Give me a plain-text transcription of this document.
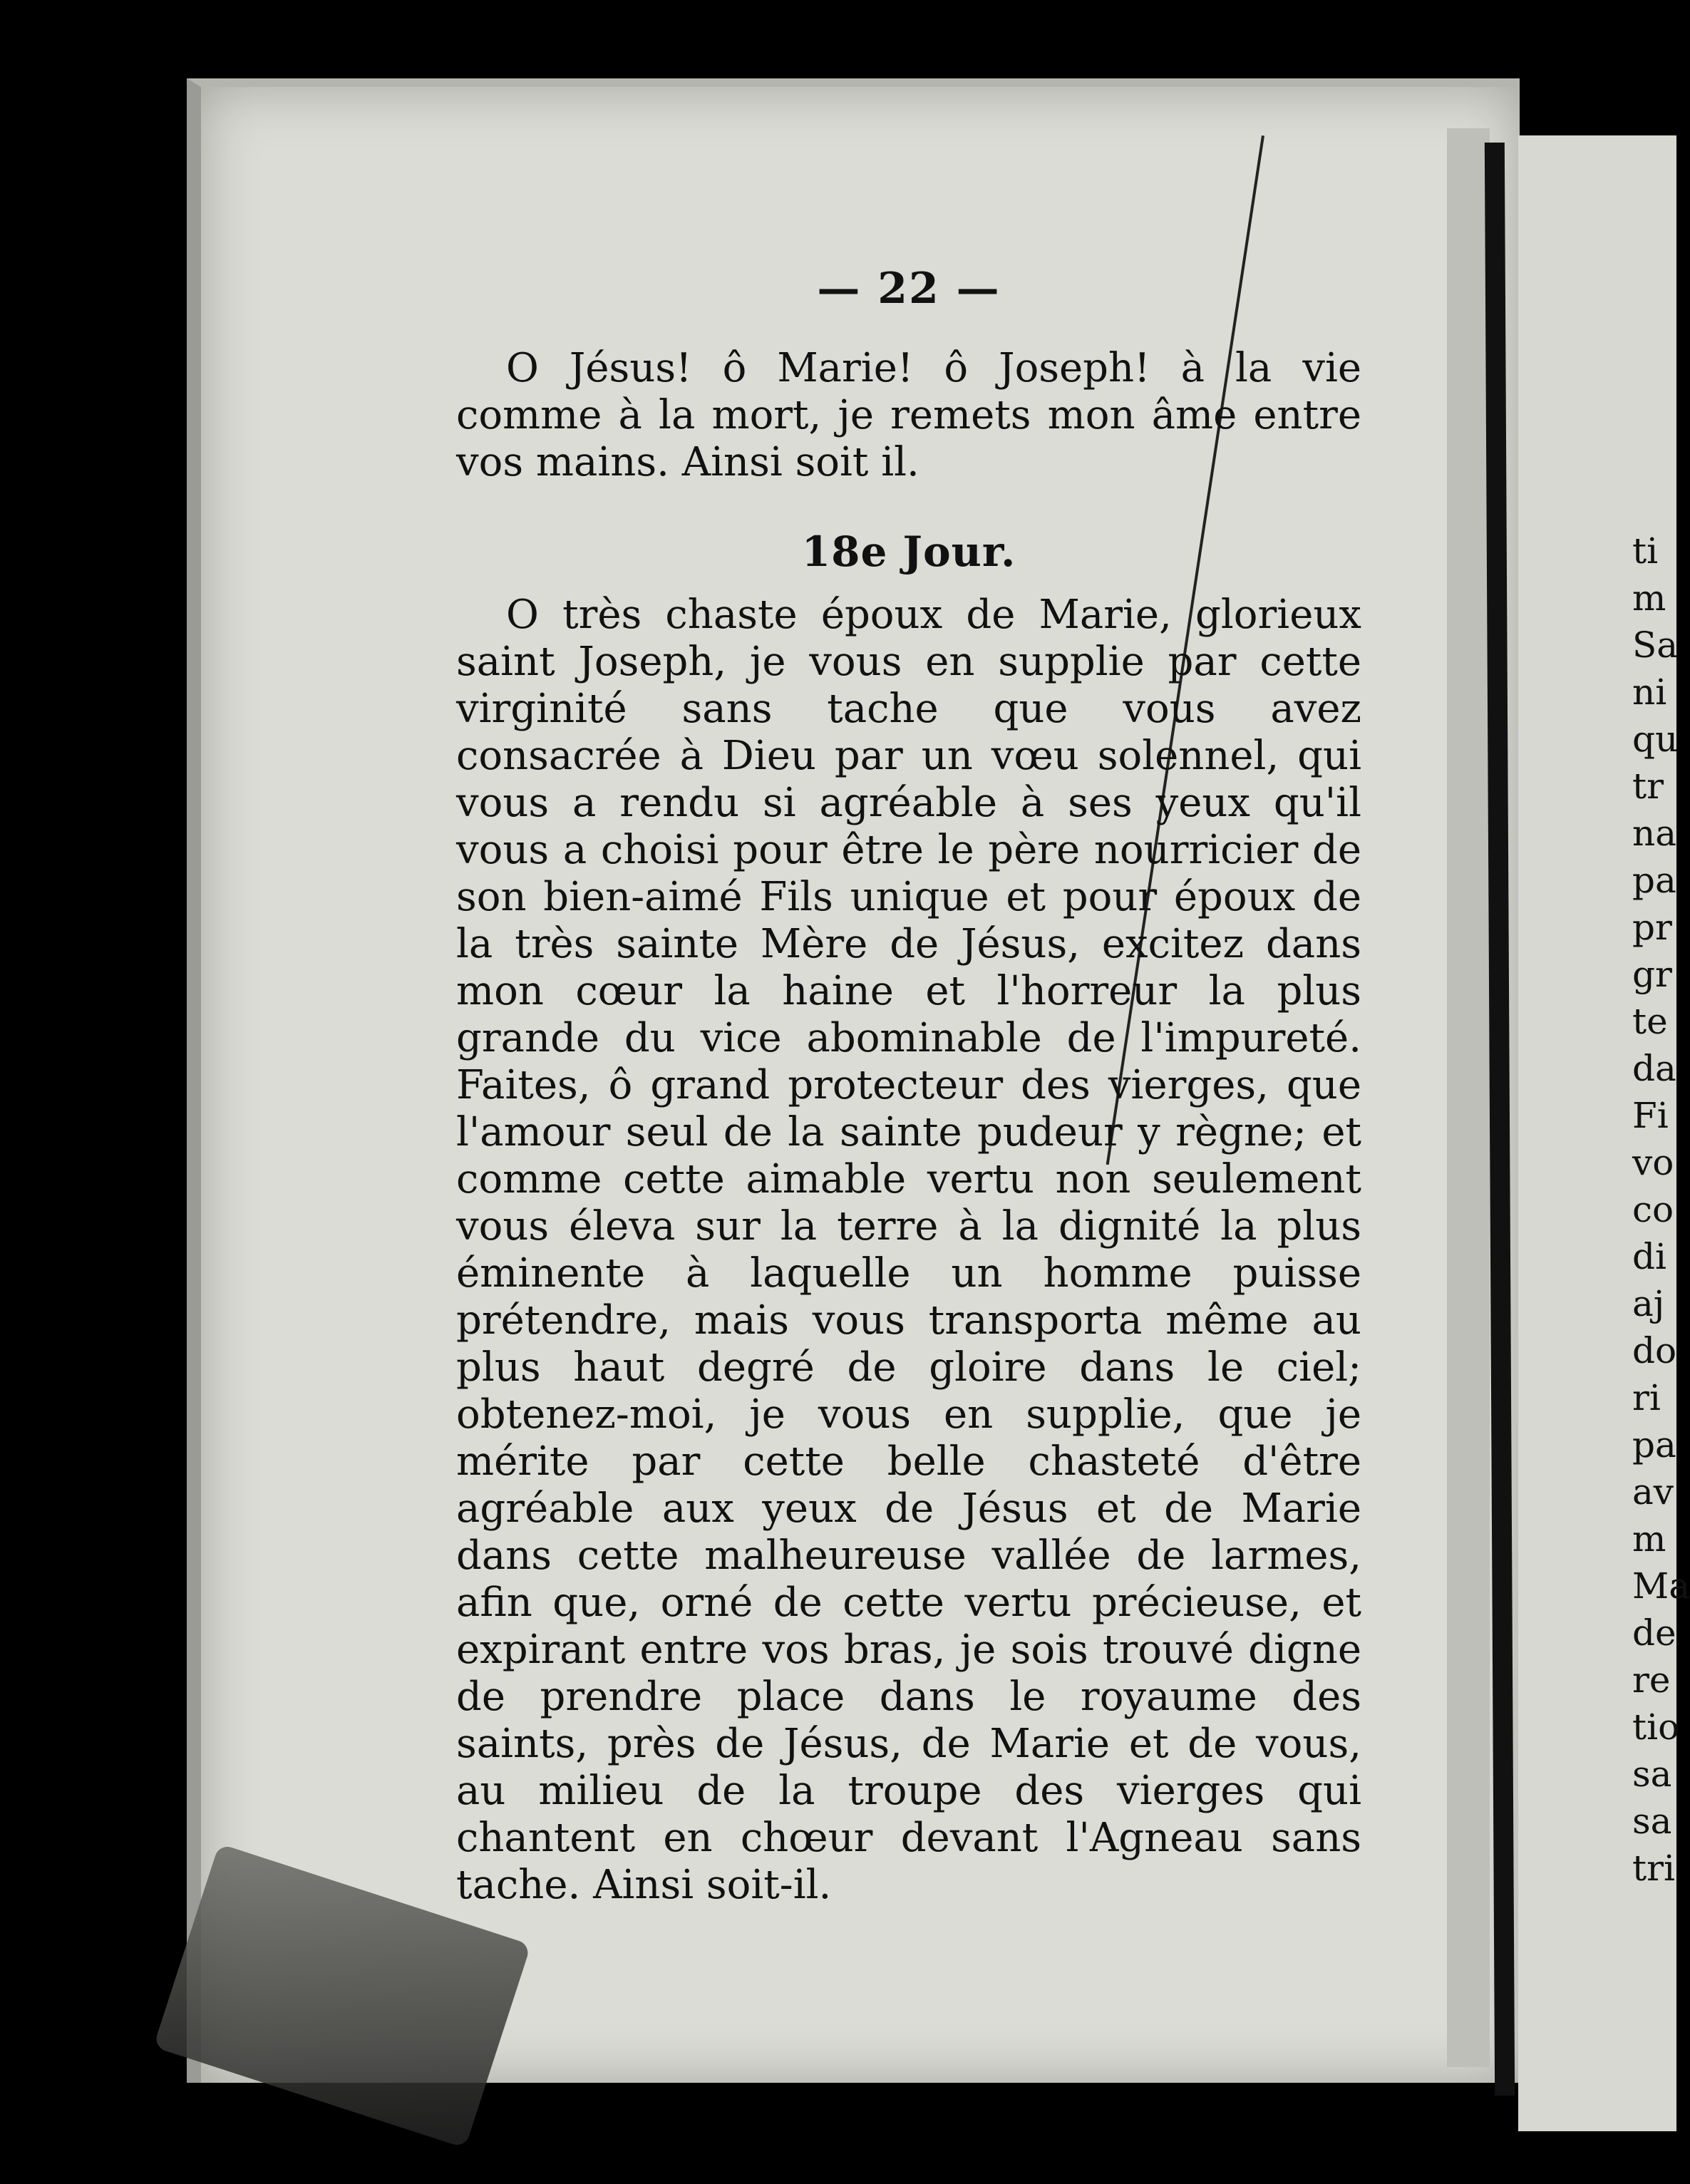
— 22 —

O Jésus! ô Marie! ô Joseph! à la vie comme à la mort, je remets mon âme entre vos mains. Ainsi soit il.

18e Jour.

O très chaste époux de Marie, glorieux saint Joseph, je vous en supplie par cette virginité sans tache que vous avez consacrée à Dieu par un vœu solennel, qui vous a rendu si agréable à ses yeux qu'il vous a choisi pour être le père nourricier de son bien-aimé Fils unique et pour époux de la très sainte Mère de Jésus, excitez dans mon cœur la haine et l'horreur la plus grande du vice abominable de l'impureté. Faites, ô grand protecteur des vierges, que l'amour seul de la sainte pudeur y règne; et comme cette aimable vertu non seulement vous éleva sur la terre à la dignité la plus éminente à laquelle un homme puisse prétendre, mais vous transporta même au plus haut degré de gloire dans le ciel; obtenez-moi, je vous en supplie, que je mérite par cette belle chasteté d'être agréable aux yeux de Jésus et de Marie dans cette malheureuse vallée de larmes, afin que, orné de cette vertu précieuse, et expirant entre vos bras, je sois trouvé digne de prendre place dans le royaume des saints, près de Jésus, de Marie et de vous, au milieu de la troupe des vierges qui chantent en chœur devant l'Agneau sans tache. Ainsi soit-il.

ti
m
Sa
ni
qu
tr
na
pa
pr
gr
te
da
Fi
vo
co
di
aj
do
ri
pa
av
m
Ma
de
re
tio
sa
sa
tri
